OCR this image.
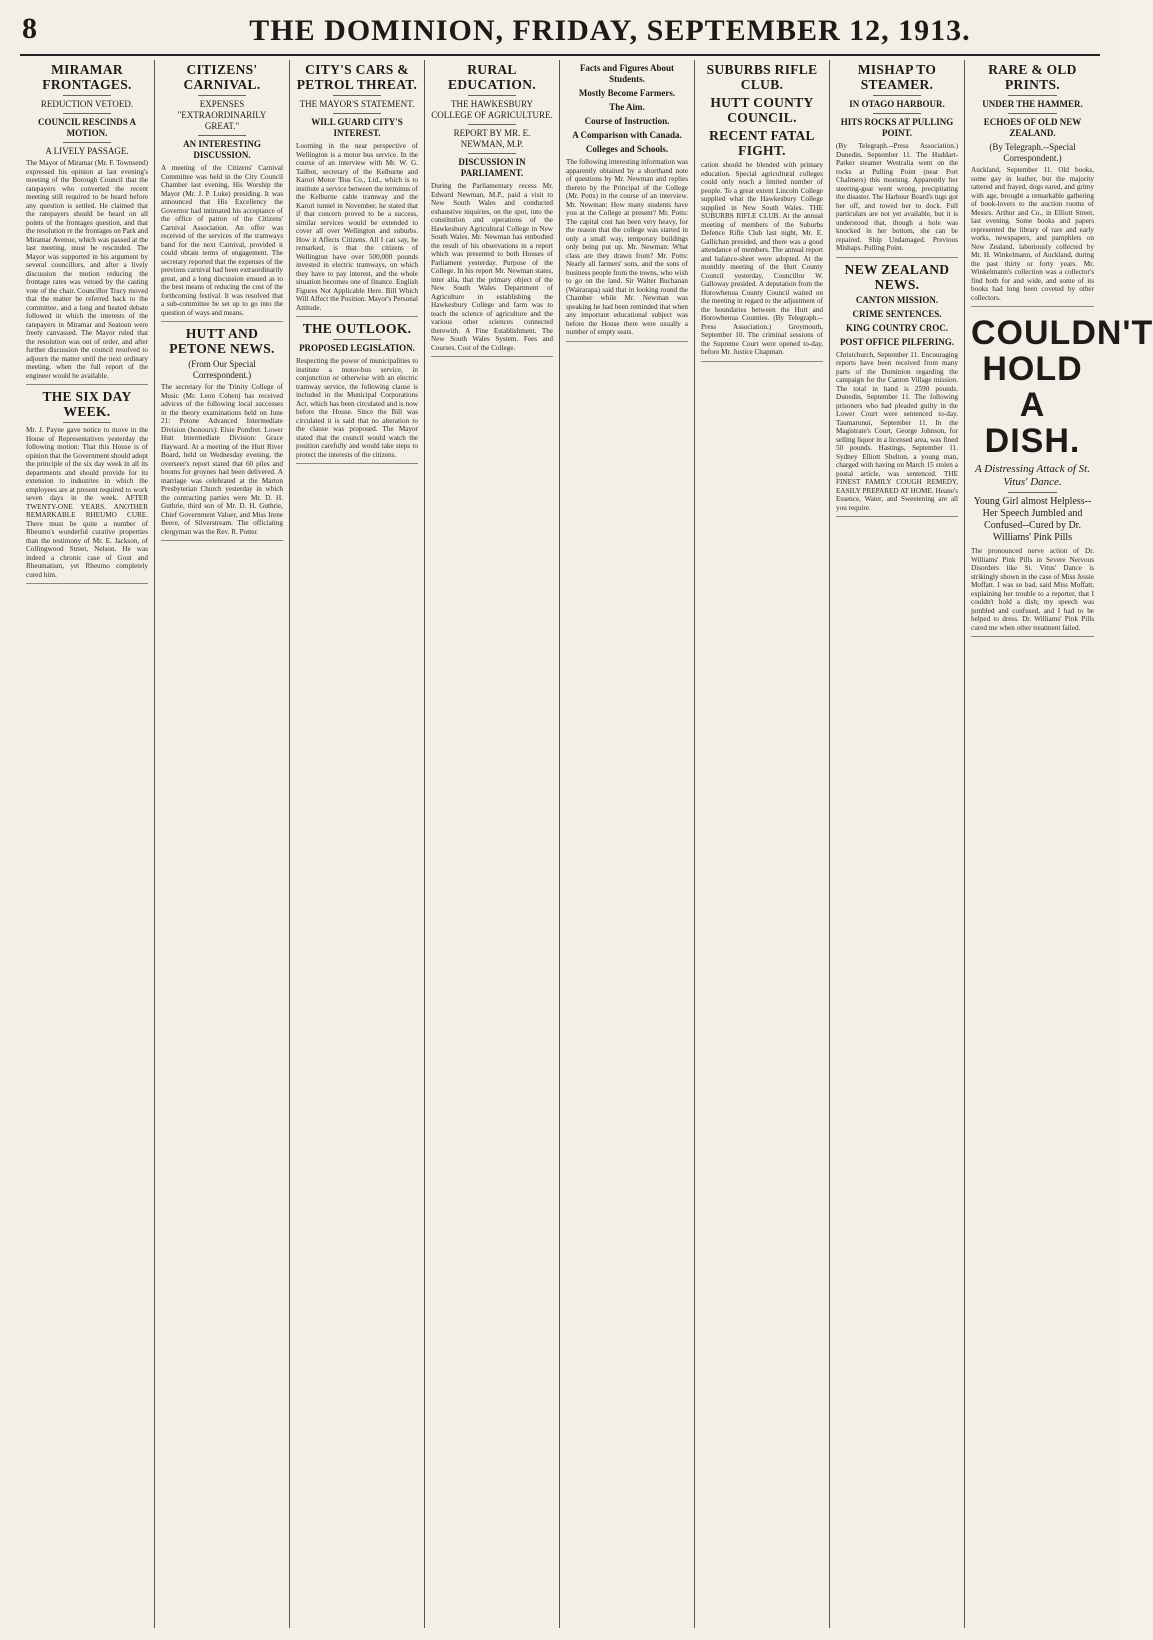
8	THE DOMINION, FRIDAY, SEPTEMBER 12, 1913.
MIRAMAR FRONTAGES.
REDUCTION VETOED.
COUNCIL RESCINDS A MOTION.
A LIVELY PASSAGE.

The Mayor of Miramar (Mr. F. Townsend) expressed his opinion at last evening's meeting of the Borough Council that the ratepayers who converted the recent meeting still required to be heard before any question is settled. He claimed that the ratepayers should be heard on all points of the frontages question, and that the resolution re the frontages on Park and Miramar Avenue, which was passed at the last meeting, must be rescinded. The Mayor was supported in his argument by several councillors, and after a lively discussion the motion reducing the frontage rates was vetoed by the casting vote of the chair. Councillor Tracy moved that the matter be referred back to the committee, and a long and heated debate followed in which the interests of the ratepayers in Miramar and Seatoun were freely canvassed. The Mayor ruled that the resolution was out of order, and after further discussion the council resolved to adjourn the matter until the next ordinary meeting, when the full report of the engineer would be available.

THE SIX DAY WEEK.

Mr. J. Payne gave notice to move in the House of Representatives yesterday the following motion: That this House is of opinion that the Government should adopt the principle of the six day week in all its departments and should provide for its extension to industries in which the employees are at present required to work seven days in the week. AFTER TWENTY-ONE YEARS. ANOTHER REMARKABLE RHEUMO CURE. There must be quite a number of Rheumo's wonderful curative properties than the testimony of Mr. E. Jackson, of Collingwood Street, Nelson. He was indeed a chronic case of Gout and Rheumatism, yet Rheumo completely cured him.

CITIZENS' CARNIVAL.
EXPENSES "EXTRAORDINARILY GREAT."
AN INTERESTING DISCUSSION.

A meeting of the Citizens' Carnival Committee was held in the City Council Chamber last evening, His Worship the Mayor (Mr. J. P. Luke) presiding. It was announced that His Excellency the Governor had intimated his acceptance of the office of patron of the Citizens' Carnival Association. An offer was received of the services of the tramways band for the next Carnival, provided it could obtain terms of engagement. The secretary reported that the expenses of the previous carnival had been extraordinarily great, and a long discussion ensued as to the best means of reducing the cost of the forthcoming festival. It was resolved that a sub-committee be set up to go into the question of ways and means.

HUTT AND PETONE NEWS.
(From Our Special Correspondent.)

The secretary for the Trinity College of Music (Mr. Leon Cohen) has received advices of the following local successes in the theory examinations held on June 21: Petone Advanced Intermediate Division (honours): Elsie Pomfret. Lower Hutt Intermediate Division: Grace Hayward. At a meeting of the Hutt River Board, held on Wednesday evening, the overseer's report stated that 60 piles and booms for groynes had been delivered. A marriage was celebrated at the Marton Presbyterian Church yesterday in which the contracting parties were Mr. D. H. Guthrie, third son of Mr. D. H. Guthrie, Chief Government Valuer, and Miss Irene Beere, of Silverstream. The officiating clergyman was the Rev. R. Potter.

CITY'S CARS & PETROL THREAT.
THE MAYOR'S STATEMENT.
WILL GUARD CITY'S INTEREST.

Looming in the near perspective of Wellington is a motor bus service. In the course of an interview with Mr. W. G. Tailbot, secretary of the Kelburne and Karori Motor 'Bus Co., Ltd., which is to institute a service between the terminus of the Kelburne cable tramway and the Karori tunnel in November, he stated that if that concern proved to be a success, similar services would be extended to cover all over Wellington and suburbs. How it Affects Citizens. All I can say, he remarked, is that the citizens of Wellington have over 500,000 pounds invested in electric tramways, on which they have to pay interest, and the whole situation becomes one of finance. English Figures Not Applicable Here. Bill Which Will Affect the Position. Mayor's Personal Attitude.

THE OUTLOOK.
PROPOSED LEGISLATION.

Respecting the power of municipalities to institute a motor-bus service, in conjunction or otherwise with an electric tramway service, the following clause is included in the Municipal Corporations Act, which has been circulated and is now before the House. Since the Bill was circulated it is said that no alteration to the clause was proposed. The Mayor stated that the council would watch the position carefully and would take steps to protect the interests of the citizens.

RURAL EDUCATION.
THE HAWKESBURY COLLEGE OF AGRICULTURE.
REPORT BY MR. E. NEWMAN, M.P.
DISCUSSION IN PARLIAMENT.

During the Parliamentary recess Mr. Edward Newman, M.P., paid a visit to New South Wales and conducted exhaustive inquiries, on the spot, into the constitution and operations of the Hawkesbury Agricultural College in New South Wales. Mr. Newman has embodied the result of his observations in a report which was presented to both Houses of Parliament yesterday. Purpose of the College. In his report Mr. Newman states, inter alia, that the primary object of the New South Wales Department of Agriculture in establishing the Hawkesbury College and farm was to teach the science of agriculture and the various other sciences connected therewith. A Fine Establishment. The New South Wales System. Fees and Courses. Cost of the College.

Facts and Figures About Students.
Mostly Become Farmers.
The Aim.
Course of Instruction.
A Comparison with Canada.
Colleges and Schools.

The following interesting information was apparently obtained by a shorthand note of questions by Mr. Newman and replies thereto by the Principal of the College (Mr. Potts) in the course of an interview. Mr. Newman: How many students have you at the College at present? Mr. Potts: The capital cost has been very heavy, for the reason that the college was started in only a small way, temporary buildings only being put up. Mr. Newman: What class are they drawn from? Mr. Potts: Nearly all farmers' sons, and the sons of business people from the towns, who wish to go on the land. Sir Walter Buchanan (Wairarapa) said that in looking round the Chamber while Mr. Newman was speaking he had been reminded that when any important educational subject was before the House there were usually a number of empty seats.

SUBURBS RIFLE CLUB.
HUTT COUNTY COUNCIL.
RECENT FATAL FIGHT.

cation should be blended with primary education. Special agricultural colleges could only reach a limited number of people. To a great extent Lincoln College supplied what the Hawkesbury College supplied in New South Wales. THE SUBURBS RIFLE CLUB. At the annual meeting of members of the Suburbs Defence Rifle Club last night, Mr. E. Gallichan presided, and there was a good attendance of members. The annual report and balance-sheet were adopted. At the monthly meeting of the Hutt County Council yesterday, Councillor W. Galloway presided. A deputation from the Horowhenua County Council waited on the meeting in regard to the adjustment of the boundaries between the Hutt and Horowhenua Counties. (By Telegraph.--Press Association.) Greymouth, September 10. The criminal sessions of the Supreme Court were opened to-day, before Mr. Justice Chapman.

MISHAP TO STEAMER.
IN OTAGO HARBOUR.
HITS ROCKS AT PULLING POINT.

(By Telegraph.--Press Association.) Dunedin, September 11. The Huddart-Parker steamer Westralia went on the rocks at Pulling Point (near Port Chalmers) this morning. Apparently her steering-gear went wrong, precipitating the disaster. The Harbour Board's tugs got her off, and towed her to dock. Full particulars are not yet available, but it is understood that, though a hole was knocked in her bottom, she can be repaired. Ship Undamaged. Previous Mishaps. Pulling Point.

NEW ZEALAND NEWS.
CANTON MISSION.
CRIME SENTENCES.
KING COUNTRY CROC.
POST OFFICE PILFERING.

Christchurch, September 11. Encouraging reports have been received from many parts of the Dominion regarding the campaign for the Canton Village mission. The total in hand is 2590 pounds. Dunedin, September 11. The following prisoners who had pleaded guilty in the Lower Court were sentenced to-day. Taumarunui, September 11. In the Magistrate's Court, George Johnson, for selling liquor in a licensed area, was fined 50 pounds. Hastings, September 11. Sydney Elliott Shelton, a young man, charged with having on March 15 stolen a postal article, was sentenced. THE FINEST FAMILY COUGH REMEDY, EASILY PREPARED AT HOME. Heane's Essence, Water, and Sweetening are all you require.

RARE & OLD PRINTS.
UNDER THE HAMMER.
ECHOES OF OLD NEW ZEALAND.
(By Telegraph.--Special Correspondent.)

Auckland, September 11. Old books, some gay in leather, but the majority tattered and frayed, dogs eared, and grimy with age, brought a remarkable gathering of book-lovers to the auction rooms of Messrs. Arthur and Co., in Elliott Street, last evening. Some books and papers represented the library of rare and early works, newspapers, and pamphlets on New Zealand, laboriously collected by Mr. H. Winkelmann, of Auckland, during the past thirty or forty years. Mr. Winkelmann's collection was a collector's find both for and wide, and some of its books had long been coveted by other collectors.

COULDN'T HOLD A DISH.
A Distressing Attack of St. Vitus' Dance.
Young Girl almost Helpless--Her Speech Jumbled and Confused--Cured by Dr. Williams' Pink Pills

The pronounced nerve action of Dr. Williams' Pink Pills in Severe Nervous Disorders like St. Vitus' Dance is strikingly shown in the case of Miss Jessie Moffatt. I was so bad, said Miss Moffatt, explaining her trouble to a reporter, that I couldn't hold a dish; my speech was jumbled and confused, and I had to be helped to dress. Dr. Williams' Pink Pills cured me when other treatment failed.
